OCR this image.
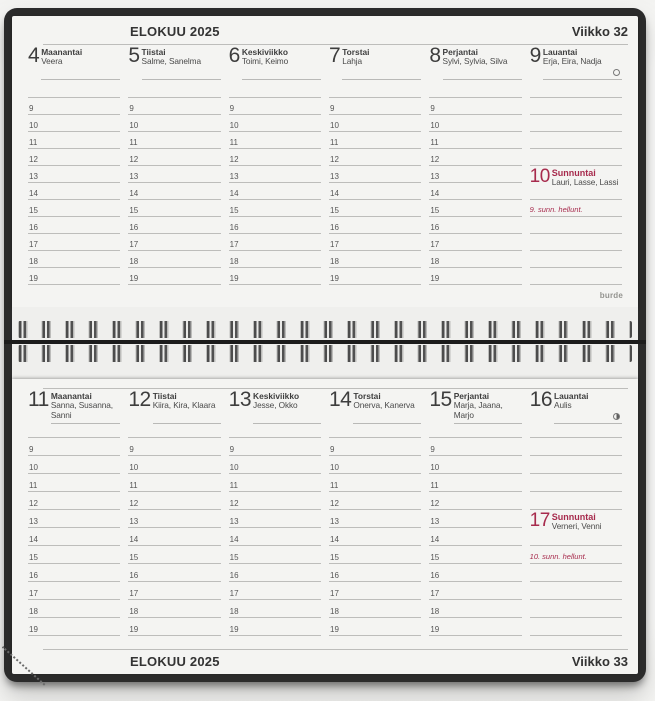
ELOKUU 2025	Viikko 32
4 Maanantai
Veera
9
10
11
12
13
14
15
16
17
18
19
5 Tiistai
Salme, Sanelma
9
10
11
12
13
14
15
16
17
18
19
6 Keskiviikko
Toimi, Keimo
9
10
11
12
13
14
15
16
17
18
19
7 Torstai
Lahja
9
10
11
12
13
14
15
16
17
18
19
8 Perjantai
Sylvi, Sylvia, Silva
9
10
11
12
13
14
15
16
17
18
19
9 Lauantai
Erja, Eira, Nadja
10 Sunnuntai
Lauri, Lasse, Lassi
9. sunn. hellunt.
burde
11 Maanantai
Sanna, Susanna, Sanni
9
10
11
12
13
14
15
16
17
18
19
12 Tiistai
Kiira, Kira, Klaara
9
10
11
12
13
14
15
16
17
18
19
13 Keskiviikko
Jesse, Okko
9
10
11
12
13
14
15
16
17
18
19
14 Torstai
Onerva, Kanerva
9
10
11
12
13
14
15
16
17
18
19
15 Perjantai
Marja, Jaana, Marjo
9
10
11
12
13
14
15
16
17
18
19
16 Lauantai
Aulis
17 Sunnuntai
Verneri, Venni
10. sunn. hellunt.
ELOKUU 2025	Viikko 33
